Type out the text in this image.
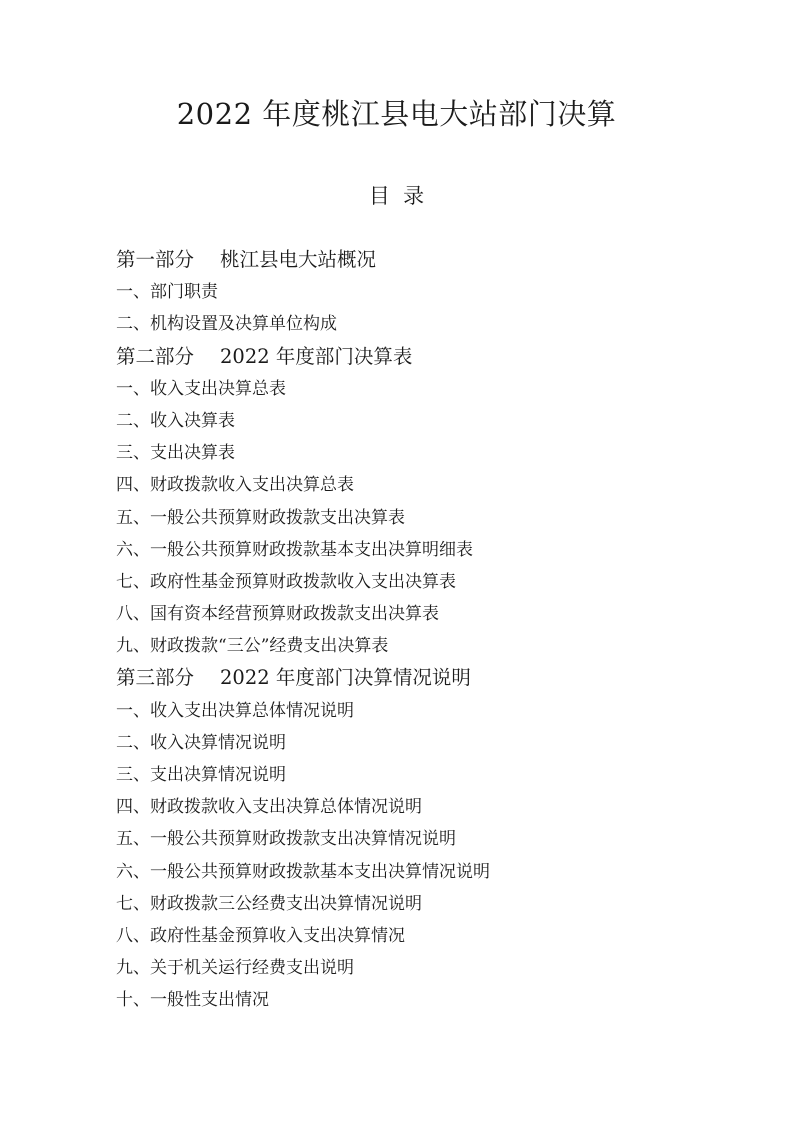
2022 年度桃江县电大站部门决算
目  录
第一部分 桃江县电大站概况
一、部门职责
二、机构设置及决算单位构成
第二部分 2022 年度部门决算表
一、收入支出决算总表
二、收入决算表
三、支出决算表
四、财政拨款收入支出决算总表
五、一般公共预算财政拨款支出决算表
六、一般公共预算财政拨款基本支出决算明细表
七、政府性基金预算财政拨款收入支出决算表
八、国有资本经营预算财政拨款支出决算表
九、财政拨款“三公”经费支出决算表
第三部分 2022 年度部门决算情况说明
一、收入支出决算总体情况说明
二、收入决算情况说明
三、支出决算情况说明
四、财政拨款收入支出决算总体情况说明
五、一般公共预算财政拨款支出决算情况说明
六、一般公共预算财政拨款基本支出决算情况说明
七、财政拨款三公经费支出决算情况说明
八、政府性基金预算收入支出决算情况
九、关于机关运行经费支出说明
十、一般性支出情况
